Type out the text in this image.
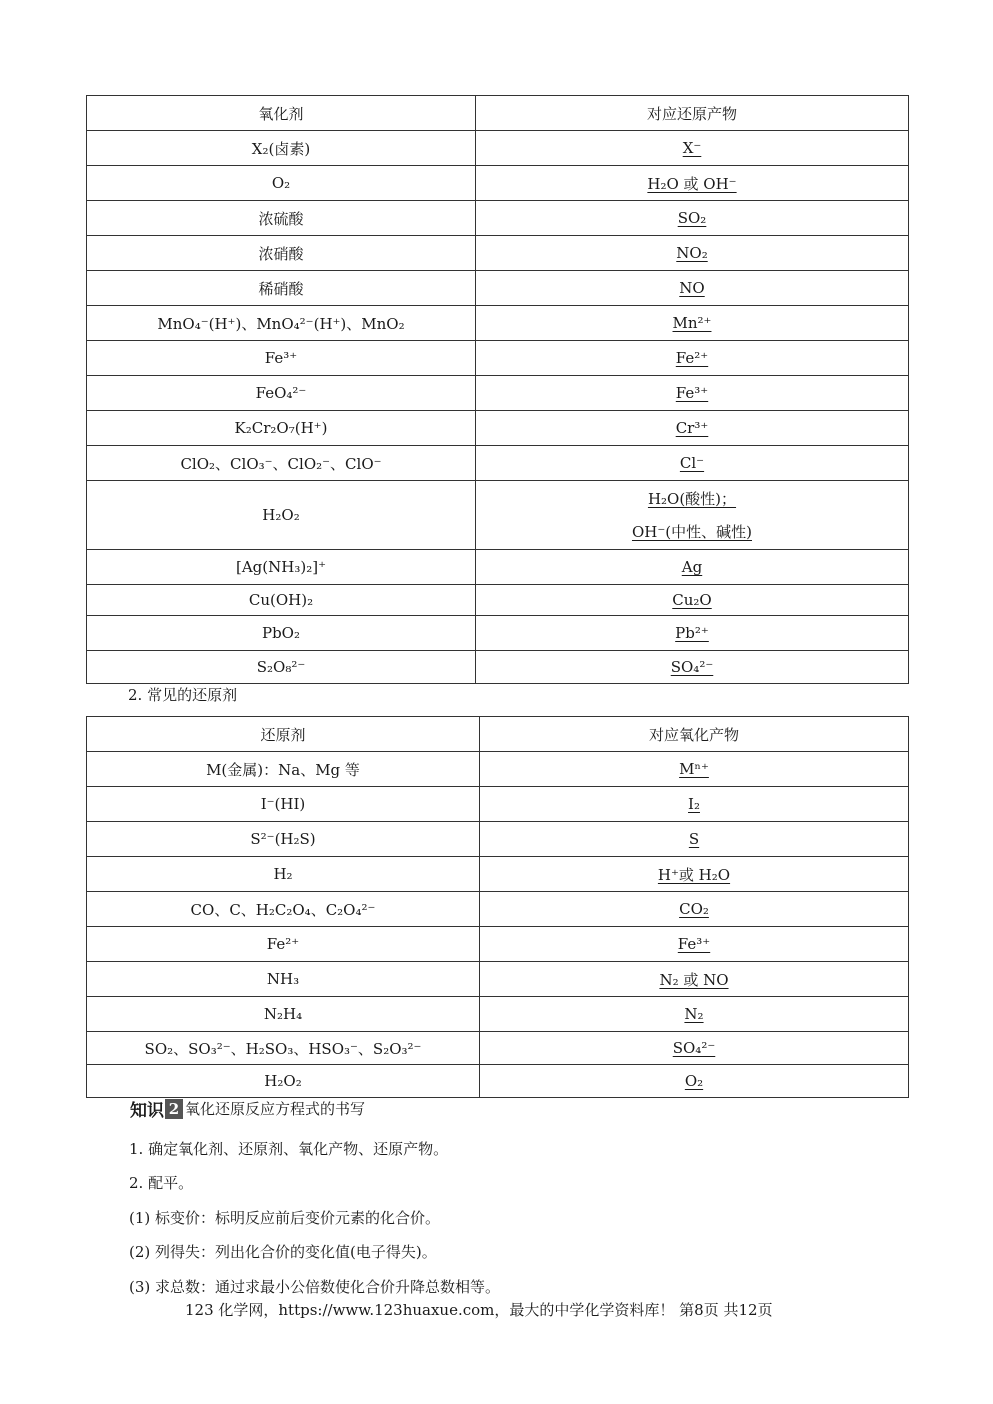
氧化剂	对应还原产物
X₂(卤素)	X⁻
O₂	H₂O 或 OH⁻
浓硫酸	SO₂
浓硝酸	NO₂
稀硝酸	NO
MnO₄⁻(H⁺)、MnO₄²⁻(H⁺)、MnO₂	Mn²⁺
Fe³⁺	Fe²⁺
FeO₄²⁻	Fe³⁺
K₂Cr₂O₇(H⁺)	Cr³⁺
ClO₂、ClO₃⁻、ClO₂⁻、ClO⁻	Cl⁻
H₂O₂	H₂O(酸性)；
OH⁻(中性、碱性)
[Ag(NH₃)₂]⁺	Ag
Cu(OH)₂	Cu₂O
PbO₂	Pb²⁺
S₂O₈²⁻	SO₄²⁻
2. 常见的还原剂
还原剂	对应氧化产物
M(金属)：Na、Mg 等	Mⁿ⁺
I⁻(HI)	I₂
S²⁻(H₂S)	S
H₂	H⁺或 H₂O
CO、C、H₂C₂O₄、C₂O₄²⁻	CO₂
Fe²⁺	Fe³⁺
NH₃	N₂ 或 NO
N₂H₄	N₂
SO₂、SO₃²⁻、H₂SO₃、HSO₃⁻、S₂O₃²⁻	SO₄²⁻
H₂O₂	O₂
知识 2 氧化还原反应方程式的书写
1. 确定氧化剂、还原剂、氧化产物、还原产物。
2. 配平。
(1) 标变价：标明反应前后变价元素的化合价。
(2) 列得失：列出化合价的变化值(电子得失)。
(3) 求总数：通过求最小公倍数使化合价升降总数相等。
123 化学网，https://www.123huaxue.com，最大的中学化学资料库！ 第8页 共12页
